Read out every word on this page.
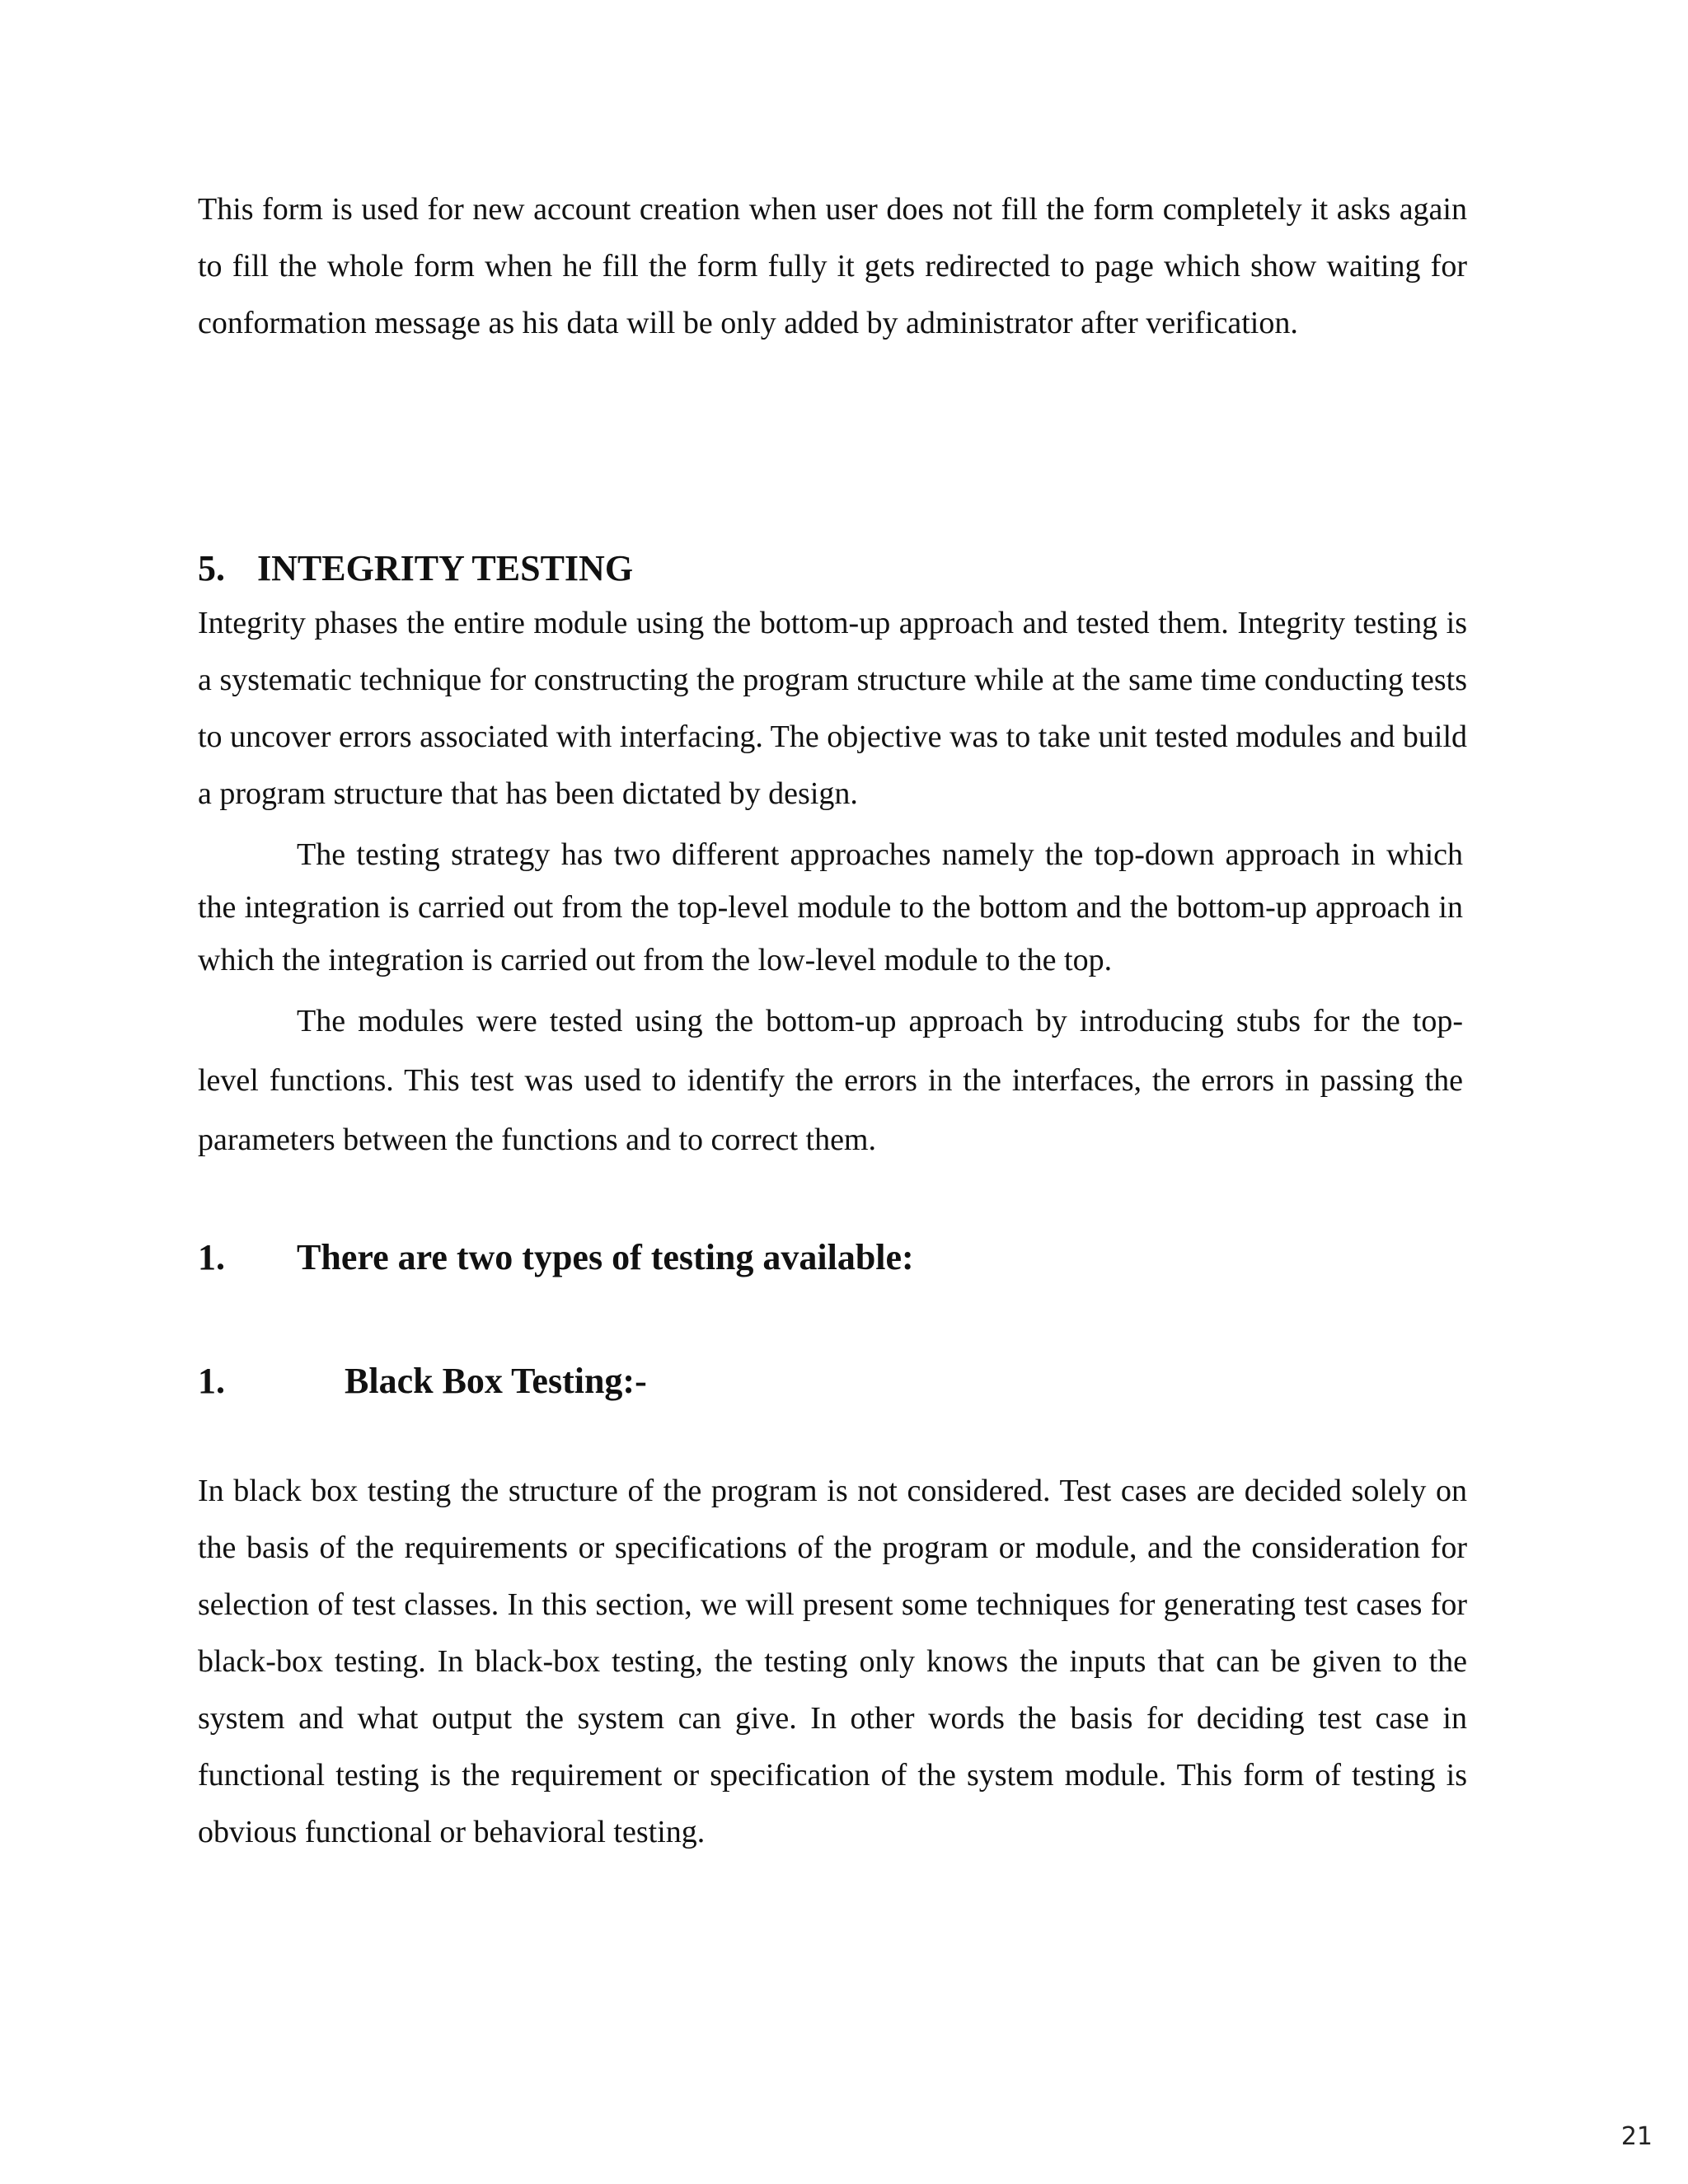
This form is used for new account creation when user does not fill the form completely it asks again to fill the whole form when he fill the form fully it gets redirected to page which show waiting for conformation message as his data will be only added by administrator after verification.

5. INTEGRITY TESTING

Integrity phases the entire module using the bottom-up approach and tested them. Integrity testing is a systematic technique for constructing the program structure while at the same time conducting tests to uncover errors associated with interfacing. The objective was to take unit tested modules and build a program structure that has been dictated by design.

The testing strategy has two different approaches namely the top-down approach in which the integration is carried out from the top-level module to the bottom and the bottom-up approach in which the integration is carried out from the low-level module to the top.

The modules were tested using the bottom-up approach by introducing stubs for the top-level functions. This test was used to identify the errors in the interfaces, the errors in passing the parameters between the functions and to correct them.

1. There are two types of testing available:
1.	Black Box Testing:-

In black box testing the structure of the program is not considered. Test cases are decided solely on the basis of the requirements or specifications of the program or module, and the consideration for selection of test classes. In this section, we will present some techniques for generating test cases for black-box testing. In black-box testing, the testing only knows the inputs that can be given to the system and what output the system can give. In other words the basis for deciding test case in functional testing is the requirement or specification of the system module. This form of testing is obvious functional or behavioral testing.

21
